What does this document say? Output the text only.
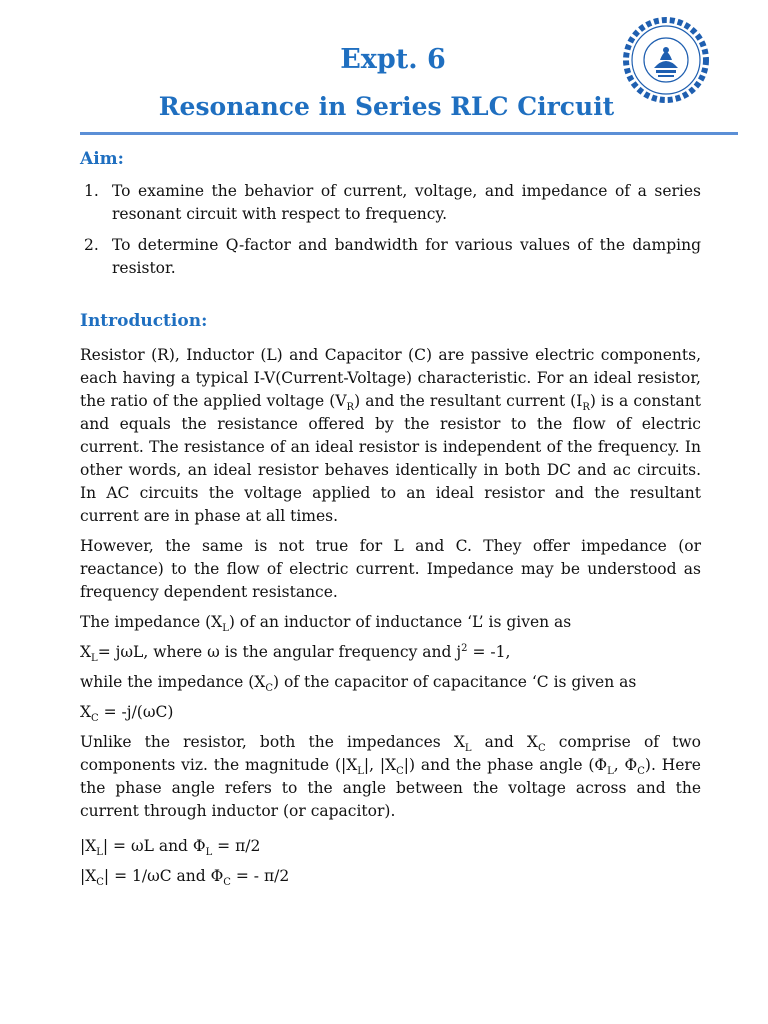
Expt. 6
Resonance in Series RLC Circuit
Aim:
1. To examine the behavior of current, voltage, and impedance of a series resonant circuit with respect to frequency.
2. To determine Q-factor and bandwidth for various values of the damping resistor.
Introduction:

Resistor (R), Inductor (L) and Capacitor (C) are passive electric components, each having a typical I-V(Current-Voltage) characteristic. For an ideal resistor, the ratio of the applied voltage $(V_R)$ and the resultant current $(I_R)$ is a constant and equals the resistance offered by the resistor to the flow of electric current. The resistance of an ideal resistor is independent of the frequency. In other words, an ideal resistor behaves identically in both DC and ac circuits. In AC circuits the voltage applied to an ideal resistor and the resultant current are in phase at all times.

However, the same is not true for L and C. They offer impedance (or reactance) to the flow of electric current. Impedance may be understood as frequency dependent resistance.

The impedance $(X_L)$ of an inductor of inductance ‘L’ is given as

$X_L= j\omega L$, where ω is the angular frequency and $j^2 = -1$,

while the impedance $(X_C)$ of the capacitor of capacitance ‘C is given as

$X_C = -j/(\omega C)$

Unlike the resistor, both the impedances $X_L$ and $X_C$ comprise of two components viz. the magnitude ($|X_L|$, $|X_C|$) and the phase angle ($\Phi_L$, $\Phi_C$). Here the phase angle refers to the angle between the voltage across and the current through inductor (or capacitor).

$|X_L| = \omega L$ and $\Phi_L = \pi/2$

$|X_C| = 1/\omega C$ and $\Phi_C$ = - π/2
